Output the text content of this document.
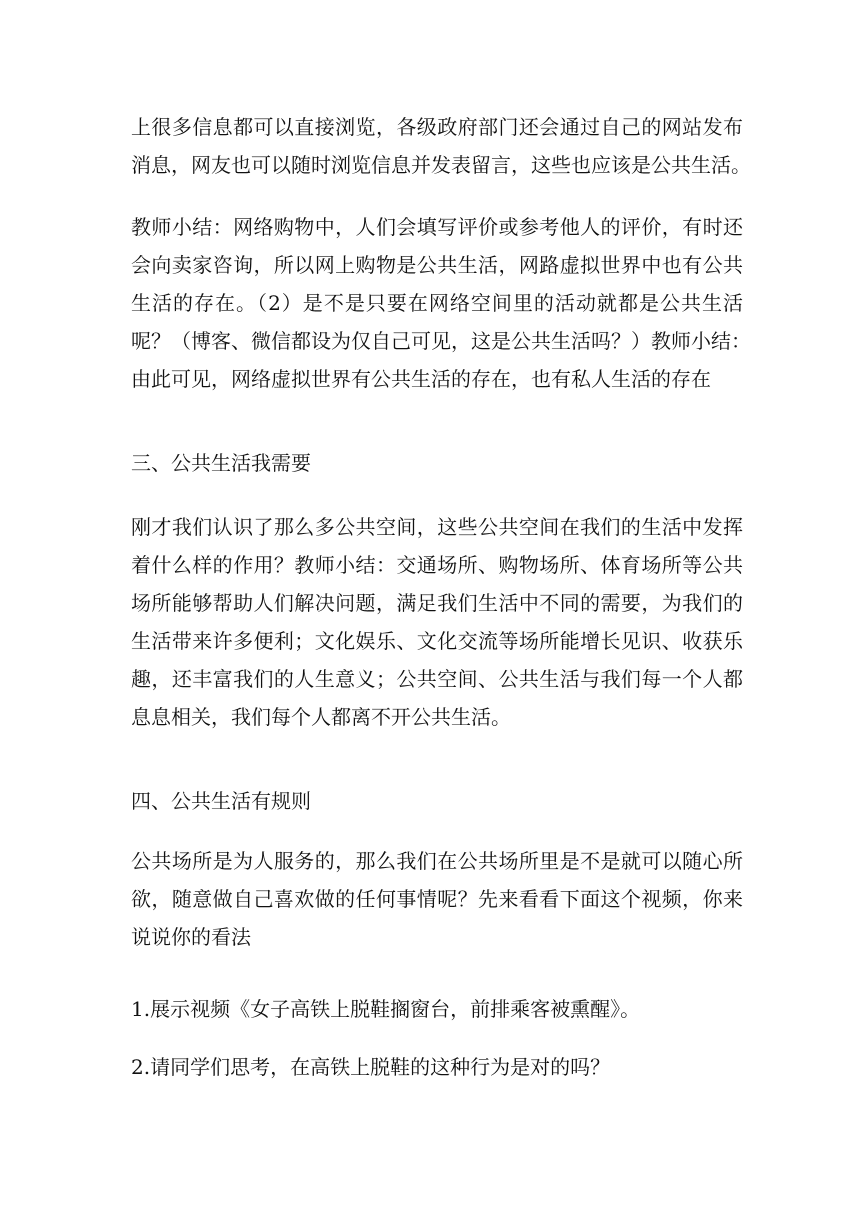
上很多信息都可以直接浏览，各级政府部门还会通过自己的网站发布
消息，网友也可以随时浏览信息并发表留言，这些也应该是公共生活。
教师小结：网络购物中，人们会填写评价或参考他人的评价，有时还
会向卖家咨询，所以网上购物是公共生活，网路虚拟世界中也有公共
生活的存在。（2）是不是只要在网络空间里的活动就都是公共生活
呢？（博客、微信都设为仅自己可见，这是公共生活吗？）教师小结：
由此可见，网络虚拟世界有公共生活的存在，也有私人生活的存在
三、公共生活我需要
刚才我们认识了那么多公共空间，这些公共空间在我们的生活中发挥
着什么样的作用？教师小结：交通场所、购物场所、体育场所等公共
场所能够帮助人们解决问题，满足我们生活中不同的需要，为我们的
生活带来许多便利；文化娱乐、文化交流等场所能增长见识、收获乐
趣，还丰富我们的人生意义；公共空间、公共生活与我们每一个人都
息息相关，我们每个人都离不开公共生活。
四、公共生活有规则
公共场所是为人服务的，那么我们在公共场所里是不是就可以随心所
欲，随意做自己喜欢做的任何事情呢？先来看看下面这个视频，你来
说说你的看法
1.展示视频《女子高铁上脱鞋搁窗台，前排乘客被熏醒》。
2.请同学们思考，在高铁上脱鞋的这种行为是对的吗？
